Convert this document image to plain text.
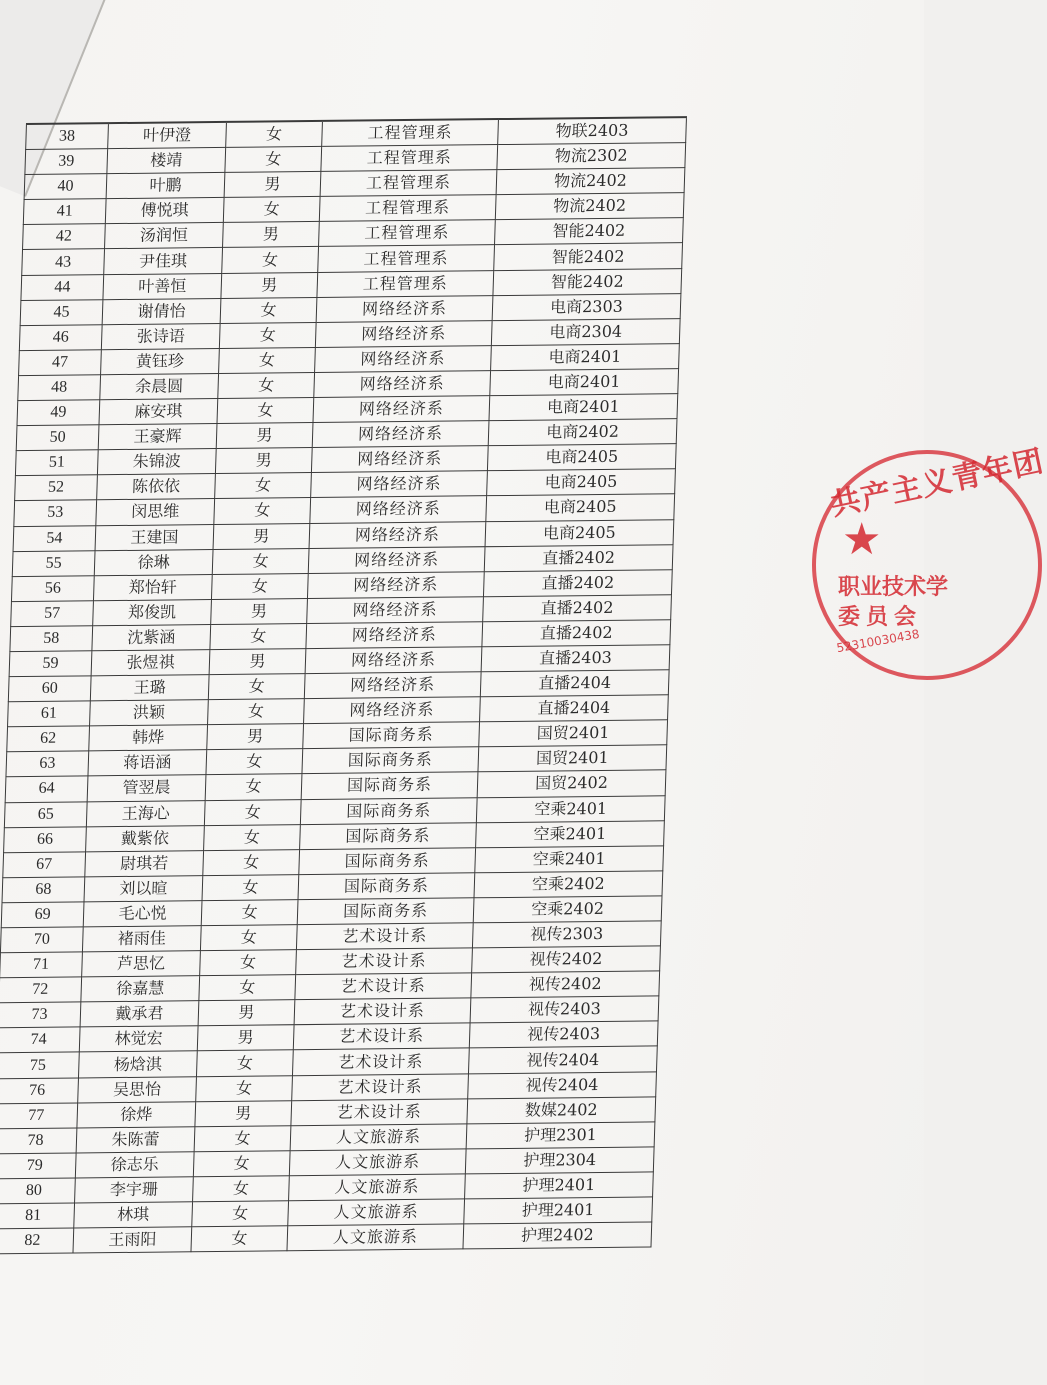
38	叶伊澄	女	工程管理系	物联2403
39	楼靖	女	工程管理系	物流2302
40	叶鹏	男	工程管理系	物流2402
41	傅悦琪	女	工程管理系	物流2402
42	汤润恒	男	工程管理系	智能2402
43	尹佳琪	女	工程管理系	智能2402
44	叶善恒	男	工程管理系	智能2402
45	谢倩怡	女	网络经济系	电商2303
46	张诗语	女	网络经济系	电商2304
47	黄钰珍	女	网络经济系	电商2401
48	余晨圆	女	网络经济系	电商2401
49	麻安琪	女	网络经济系	电商2401
50	王豪辉	男	网络经济系	电商2402
51	朱锦波	男	网络经济系	电商2405
52	陈依依	女	网络经济系	电商2405
53	闵思维	女	网络经济系	电商2405
54	王建国	男	网络经济系	电商2405
55	徐琳	女	网络经济系	直播2402
56	郑怡轩	女	网络经济系	直播2402
57	郑俊凯	男	网络经济系	直播2402
58	沈紫涵	女	网络经济系	直播2402
59	张煜祺	男	网络经济系	直播2403
60	王璐	女	网络经济系	直播2404
61	洪颖	女	网络经济系	直播2404
62	韩烨	男	国际商务系	国贸2401
63	蒋语涵	女	国际商务系	国贸2401
64	管翌晨	女	国际商务系	国贸2402
65	王海心	女	国际商务系	空乘2401
66	戴紫依	女	国际商务系	空乘2401
67	尉琪若	女	国际商务系	空乘2401
68	刘以暄	女	国际商务系	空乘2402
69	毛心悦	女	国际商务系	空乘2402
70	褚雨佳	女	艺术设计系	视传2303
71	芦思忆	女	艺术设计系	视传2402
72	徐嘉慧	女	艺术设计系	视传2402
73	戴承君	男	艺术设计系	视传2403
74	林觉宏	男	艺术设计系	视传2403
75	杨焓淇	女	艺术设计系	视传2404
76	吴思怡	女	艺术设计系	视传2404
77	徐烨	男	艺术设计系	数媒2402
78	朱陈蕾	女	人文旅游系	护理2301
79	徐志乐	女	人文旅游系	护理2304
80	李宇珊	女	人文旅游系	护理2401
81	林琪	女	人文旅游系	护理2401
82	王雨阳	女	人文旅游系	护理2402
共产主义青年团
★
职业技术学
委员会
52310030438
